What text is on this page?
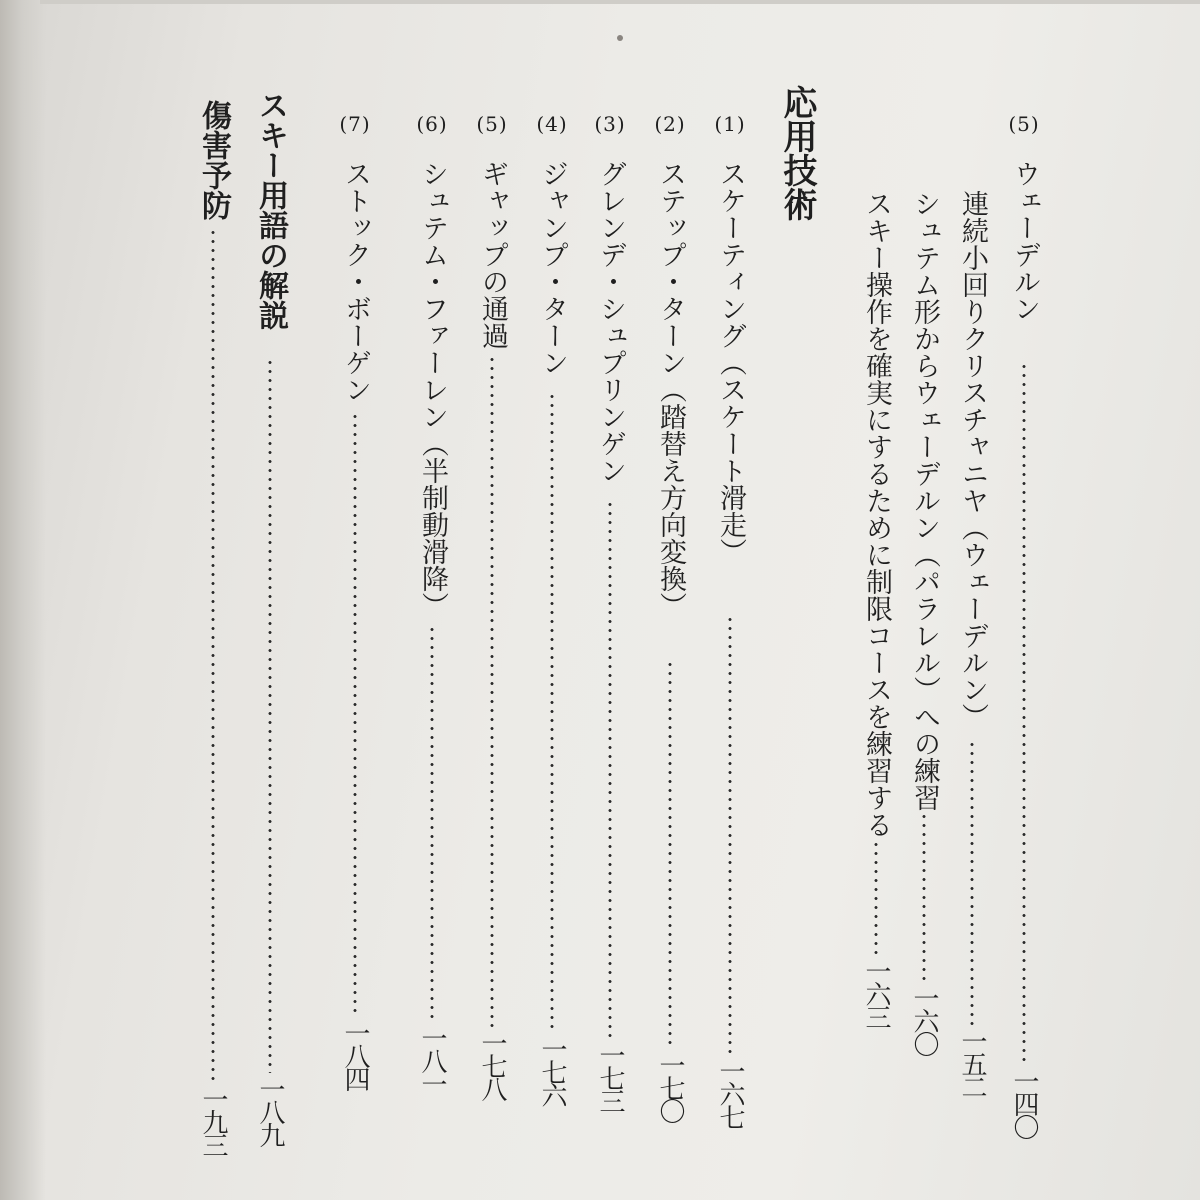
(5)
ウェーデルン
一四〇
連続小回りクリスチャニヤ（ウェーデルン）
一五二
シュテム形からウェーデルン（パラレル）への練習
一六〇
スキー操作を確実にするために制限コースを練習する
一六三
応用技術
(1)
スケーティング（スケート滑走）
一六七
(2)
ステップ・ターン（踏替え方向変換）
一七〇
(3)
グレンデ・シュプリンゲン
一七三
(4)
ジャンプ・ターン
一七六
(5)
ギャップの通過
一七八
(6)
シュテム・ファーレン（半制動滑降）
一八一
(7)
ストック・ボーゲン
一八四
スキー用語の解説
一八九
傷害予防
一九三
